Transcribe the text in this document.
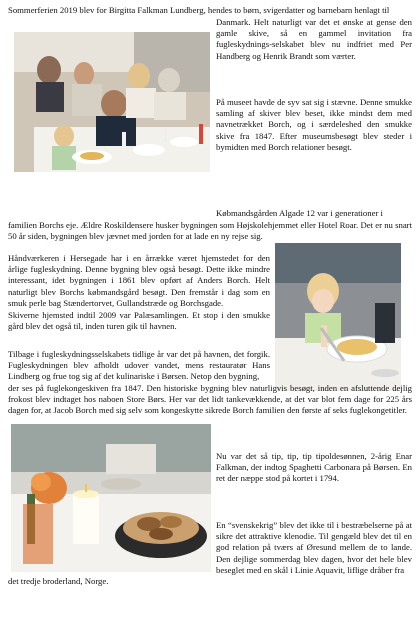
Sommerferien 2019 blev for Birgitta Falkman Lundberg, hendes to børn, svigerdatter og barnebarn henlagt til

Danmark. Helt naturligt var det et ønske at gense den gamle skive, så en gammel invitation fra fugleskydnings-selskabet blev nu indfriet med Per Handberg og Henrik Brandt som værter.

På museet havde de syv sat sig i stævne. Denne smukke samling af skiver blev beset, ikke mindst dem med navnetrækket Borch, og i særdeleshed den smukke skive fra 1847. Efter museumsbesøgt blev steder i bymidten med Borch relationer besøgt.

Købmandsgården Algade 12 var i generationer i

familien Borchs eje. Ældre Roskildensere husker bygningen som Højskolehjemmet eller Hotel Roar. Det er nu snart 50 år siden, bygningen blev jævnet med jorden for at lade en ny rejse sig.

Håndværkeren i Hersegade har i en årrække været hjemstedet for den årlige fugleskydning. Denne bygning blev også besøgt. Dette ikke mindre interessant, idet bygningen i 1861 blev opført af Anders Borch. Helt naturligt blev Borchs købmandsgård besøgt. Den fremstår i dag som en smuk perle bag Stændertorvet, Gullandstræde og Borchsgade.

Skiverne hjemsted indtil 2009 var Palæsamlingen. Et stop i den smukke gård blev det også til, inden turen gik til havnen.

Tilbage i fugleskydningsselskabets tidlige år var det på havnen, det forgik. Fugleskydningen blev afholdt udover vandet, mens restauratør Hans Lindberg og frue tog sig af det kulinariske i Børsen. Netop den bygning,

der ses på fuglekongeskiven fra 1847. Den historiske bygning blev naturligvis besøgt, inden en afsluttende dejlig frokost blev indtaget hos naboen Store Børs. Her var det lidt tankevækkende, at det var blot fem dage for 225 års dagen for, at Jacob Borch med sig selv som kongeskytte sikrede Borch familien den første af seks fuglekongetitler.

Nu var det så tip, tip, tip tipoldesønnen, 2-årig Enar Falkman, der indtog Spaghetti Carbonara på Børsen. En ret der næppe stod på kortet i 1794.

En “svenskekrig” blev det ikke til i bestræbelserne på at sikre det attraktive klenodie. Til gengæld blev det til en god relation på tværs af Øresund mellem de to lande. Den dejlige sommerdag blev dagen, hvor det hele blev beseglet med en skål i Linie Aquavit, liflige dråber fra

det tredje broderland, Norge.
